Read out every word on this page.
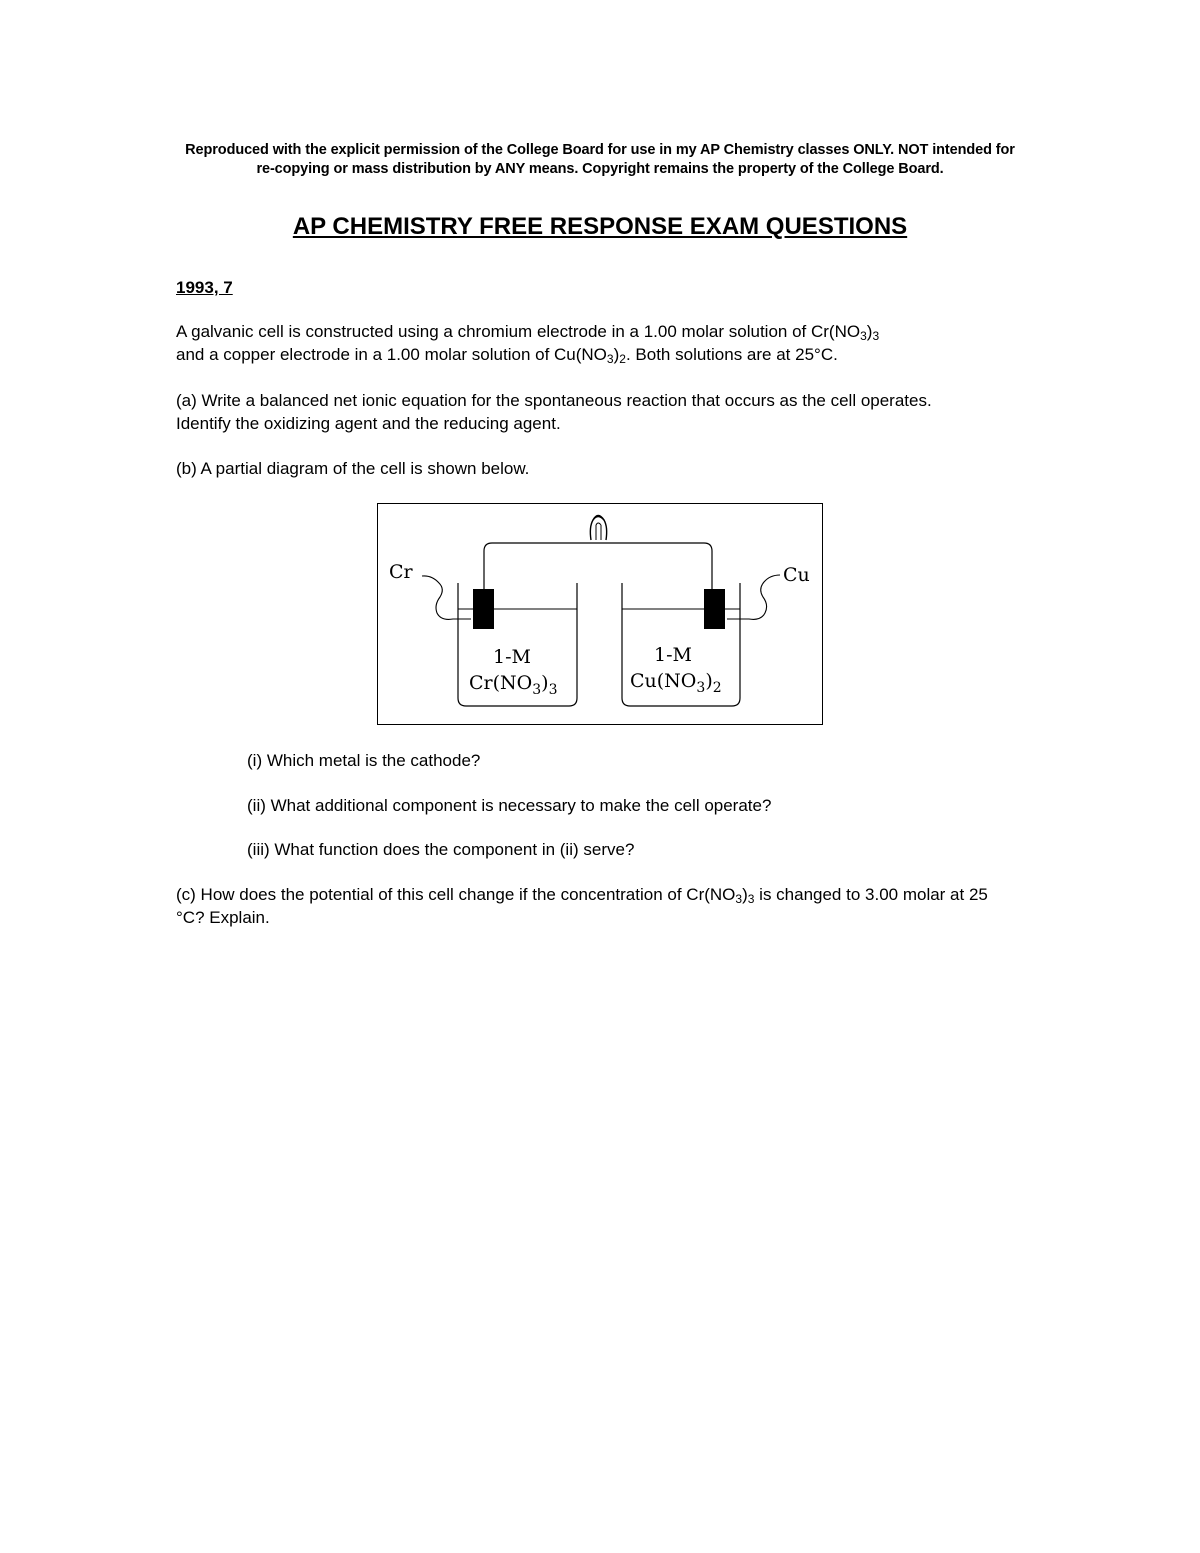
Reproduced with the explicit permission of the College Board for use in my AP Chemistry classes ONLY. NOT intended for re-copying or mass distribution by ANY means. Copyright remains the property of the College Board.
AP CHEMISTRY FREE RESPONSE EXAM QUESTIONS
1993, 7
A galvanic cell is constructed using a chromium electrode in a 1.00 molar solution of $Cr(NO_3)_3$
and a copper electrode in a 1.00 molar solution of $Cu(NO_3)_2$. Both solutions are at 25°C.
(a) Write a balanced net ionic equation for the spontaneous reaction that occurs as the cell operates. Identify the oxidizing agent and the reducing agent.
(b) A partial diagram of the cell is shown below.
Cr	Cu
1-M
$Cr(NO_3)_3$
1-M
$Cu(NO_3)_2$
(i) Which metal is the cathode?
(ii) What additional component is necessary to make the cell operate?
(iii) What function does the component in (ii) serve?
(c) How does the potential of this cell change if the concentration of $Cr(NO_3)_3$ is changed to 3.00 molar at 25 °C? Explain.
